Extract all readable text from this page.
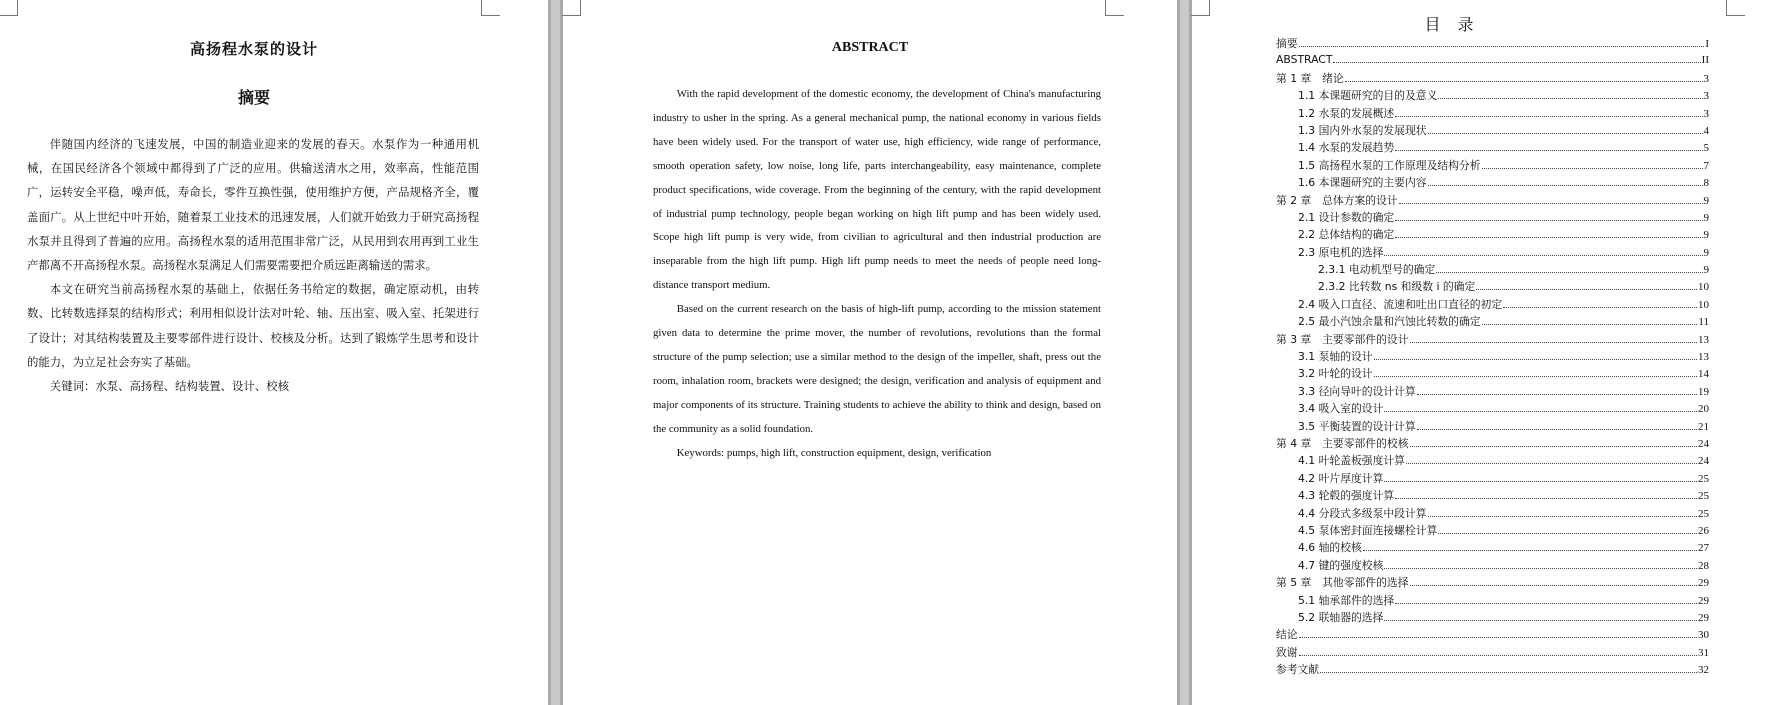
高扬程水泵的设计
摘要

伴随国内经济的飞速发展，中国的制造业迎来的发展的春天。水泵作为一种通用机械，在国民经济各个领域中都得到了广泛的应用。供输送清水之用，效率高，性能范围广，运转安全平稳，噪声低，寿命长，零件互换性强，使用维护方便，产品规格齐全，覆盖面广。从上世纪中叶开始，随着泵工业技术的迅速发展，人们就开始致力于研究高扬程水泵并且得到了普遍的应用。高扬程水泵的适用范围非常广泛，从民用到农用再到工业生产都离不开高扬程水泵。高扬程水泵满足人们需要需要把介质远距离输送的需求。

本文在研究当前高扬程水泵的基础上，依据任务书给定的数据，确定原动机，由转数、比转数选择泵的结构形式；利用相似设计法对叶轮、轴、压出室、吸入室、托架进行了设计；对其结构装置及主要零部件进行设计、校核及分析。达到了锻炼学生思考和设计的能力，为立足社会夯实了基础。

关键词：水泵、高扬程、结构装置、设计、校核

ABSTRACT

With the rapid development of the domestic economy, the development of China's manufacturing industry to usher in the spring. As a general mechanical pump, the national economy in various fields have been widely used. For the transport of water use, high efficiency, wide range of performance, smooth operation safety, low noise, long life, parts interchangeability, easy maintenance, complete product specifications, wide coverage. From the beginning of the century, with the rapid development of industrial pump technology, people began working on high lift pump and has been widely used. Scope high lift pump is very wide, from civilian to agricultural and then industrial production are inseparable from the high lift pump. High lift pump needs to meet the needs of people need long-distance transport medium.

Based on the current research on the basis of high-lift pump, according to the mission statement given data to determine the prime mover, the number of revolutions, revolutions than the formal structure of the pump selection; use a similar method to the design of the impeller, shaft, press out the room, inhalation room, brackets were designed; the design, verification and analysis of equipment and major components of its structure. Training students to achieve the ability to think and design, based on the community as a solid foundation.

Keywords: pumps, high lift, construction equipment, design, verification

目 录
摘要	I
ABSTRACT	II
第 1 章　绪论	3
1.1 本课题研究的目的及意义	3
1.2 水泵的发展概述	3
1.3 国内外水泵的发展现状	4
1.4 水泵的发展趋势	5
1.5 高扬程水泵的工作原理及结构分析	7
1.6 本课题研究的主要内容	8
第 2 章　总体方案的设计	9
2.1 设计参数的确定	9
2.2 总体结构的确定	9
2.3 原电机的选择	9
2.3.1 电动机型号的确定	9
2.3.2 比转数 ns 和级数 i 的确定	10
2.4 吸入口直径、流速和吐出口直径的初定	10
2.5 最小汽蚀余量和汽蚀比转数的确定	11
第 3 章　主要零部件的设计	13
3.1 泵轴的设计	13
3.2 叶轮的设计	14
3.3 径向导叶的设计计算	19
3.4 吸入室的设计	20
3.5 平衡装置的设计计算	21
第 4 章　主要零部件的校核	24
4.1 叶轮盖板强度计算	24
4.2 叶片厚度计算	25
4.3 轮毂的强度计算	25
4.4 分段式多级泵中段计算	25
4.5 泵体密封面连接螺栓计算	26
4.6 轴的校核	27
4.7 键的强度校核	28
第 5 章　其他零部件的选择	29
5.1 轴承部件的选择	29
5.2 联轴器的选择	29
结论	30
致谢	31
参考文献	32
